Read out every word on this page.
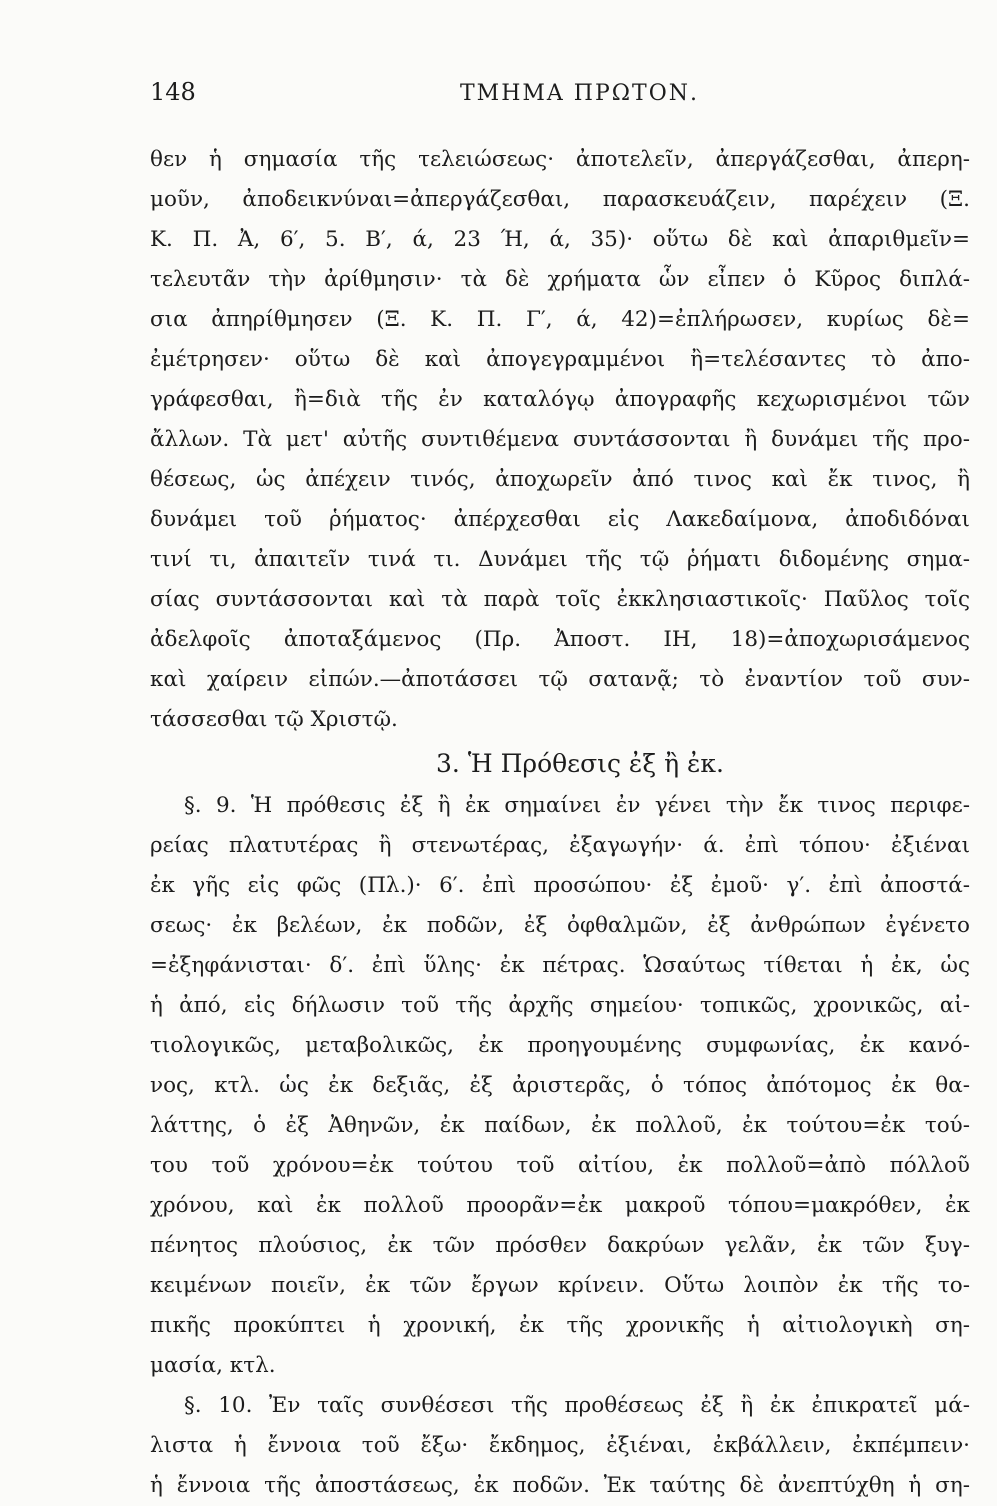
148	ΤΜΗΜΑ ΠΡΩΤΟΝ.
θεν ἡ σημασία τῆς τελειώσεως· ἀποτελεῖν, ἀπεργάζεσθαι, ἀπερη-
μοῦν, ἀποδεικνύναι=ἀπεργάζεσθαι, παρασκευάζειν, παρέχειν (Ξ.
Κ. Π. Ἀ, 6′, 5. Β′, ά, 23 Ή, ά, 35)· οὕτω δὲ καὶ ἀπαριθμεῖν=
τελευτᾶν τὴν ἀρίθμησιν· τὰ δὲ χρήματα ὧν εἶπεν ὁ Κῦρος διπλά-
σια ἀπηρίθμησεν (Ξ. Κ. Π. Γ′, ά, 42)=ἐπλήρωσεν, κυρίως δὲ=
ἐμέτρησεν· οὕτω δὲ καὶ ἀπογεγραμμένοι ἢ=τελέσαντες τὸ ἀπο-
γράφεσθαι, ἢ=διὰ τῆς ἐν καταλόγῳ ἀπογραφῆς κεχωρισμένοι τῶν
ἄλλων. Τὰ μετ' αὐτῆς συντιθέμενα συντάσσονται ἢ δυνάμει τῆς προ-
θέσεως, ὡς ἀπέχειν τινός, ἀποχωρεῖν ἀπό τινος καὶ ἔκ τινος, ἢ
δυνάμει τοῦ ῥήματος· ἀπέρχεσθαι εἰς Λακεδαίμονα, ἀποδιδόναι
τινί τι, ἀπαιτεῖν τινά τι. Δυνάμει τῆς τῷ ῥήματι διδομένης σημα-
σίας συντάσσονται καὶ τὰ παρὰ τοῖς ἐκκλησιαστικοῖς· Παῦλος τοῖς
ἀδελφοῖς ἀποταξάμενος (Πρ. Ἀποστ. ΙΗ, 18)=ἀποχωρισάμενος
καὶ χαίρειν εἰπών.—ἀποτάσσει τῷ σατανᾷ; τὸ ἐναντίον τοῦ συν-
τάσσεσθαι τῷ Χριστῷ.
3. Ἡ Πρόθεσις ἐξ ἢ ἐκ.
§. 9. Ἡ πρόθεσις ἐξ ἢ ἐκ σημαίνει ἐν γένει τὴν ἔκ τινος περιφε-
ρείας πλατυτέρας ἢ στενωτέρας, ἐξαγωγήν· ά. ἐπὶ τόπου· ἐξιέναι
ἐκ γῆς εἰς φῶς (Πλ.)· 6′. ἐπὶ προσώπου· ἐξ ἐμοῦ· γ′. ἐπὶ ἀποστά-
σεως· ἐκ βελέων, ἐκ ποδῶν, ἐξ ὀφθαλμῶν, ἐξ ἀνθρώπων ἐγένετο
=ἐξηφάνισται· δ′. ἐπὶ ὕλης· ἐκ πέτρας. Ὡσαύτως τίθεται ἡ ἐκ, ὡς
ἡ ἀπό, εἰς δήλωσιν τοῦ τῆς ἀρχῆς σημείου· τοπικῶς, χρονικῶς, αἰ-
τιολογικῶς, μεταβολικῶς, ἐκ προηγουμένης συμφωνίας, ἐκ κανό-
νος, κτλ. ὡς ἐκ δεξιᾶς, ἐξ ἀριστερᾶς, ὁ τόπος ἀπότομος ἐκ θα-
λάττης, ὁ ἐξ Ἀθηνῶν, ἐκ παίδων, ἐκ πολλοῦ, ἐκ τούτου=ἐκ τού-
του τοῦ χρόνου=ἐκ τούτου τοῦ αἰτίου, ἐκ πολλοῦ=ἀπὸ πόλλοῦ
χρόνου, καὶ ἐκ πολλοῦ προορᾶν=ἐκ μακροῦ τόπου=μακρόθεν, ἐκ
πένητος πλούσιος, ἐκ τῶν πρόσθεν δακρύων γελᾶν, ἐκ τῶν ξυγ-
κειμένων ποιεῖν, ἐκ τῶν ἔργων κρίνειν. Οὕτω λοιπὸν ἐκ τῆς το-
πικῆς προκύπτει ἡ χρονική, ἐκ τῆς χρονικῆς ἡ αἰτιολογικὴ ση-
μασία, κτλ.
§. 10. Ἐν ταῖς συνθέσεσι τῆς προθέσεως ἐξ ἢ ἐκ ἐπικρατεῖ μά-
λιστα ἡ ἔννοια τοῦ ἔξω· ἔκδημος, ἐξιέναι, ἐκβάλλειν, ἐκπέμπειν·
ἡ ἔννοια τῆς ἀποστάσεως, ἐκ ποδῶν. Ἐκ ταύτης δὲ ἀνεπτύχθη ἡ ση-
